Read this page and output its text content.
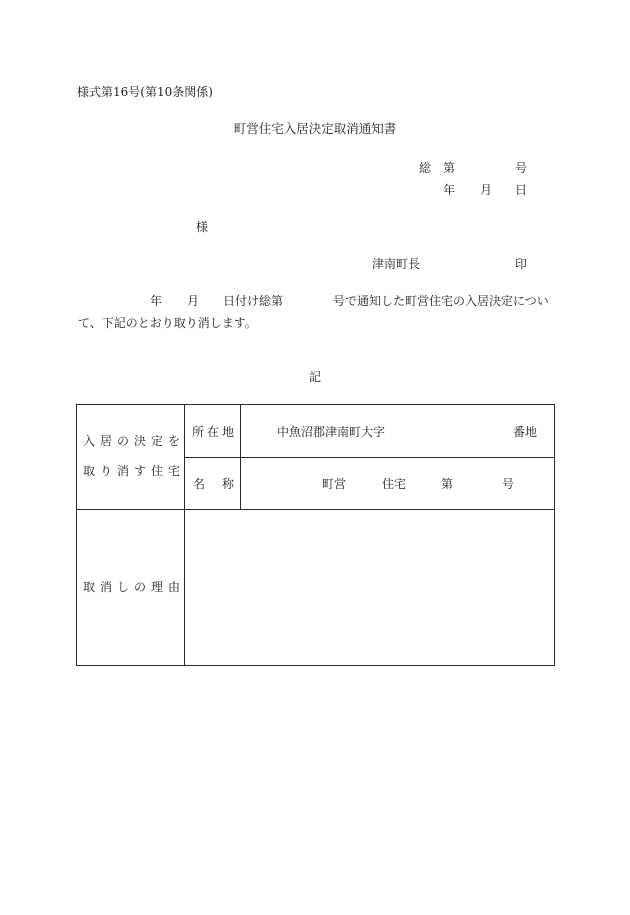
様式第16号(第10条関係)
町営住宅入居決定取消通知書
総 第	号
年 月 日
様
津南町長	印
年 月 日付け総第	号で通知した町営住宅の入居決定につい
て、下記のとおり取り消します。
記
入居の決定を
取り消す住宅
所在地	中魚沼郡津南町大字	番地
名 称	町営	住宅	第	号
取消しの理由
